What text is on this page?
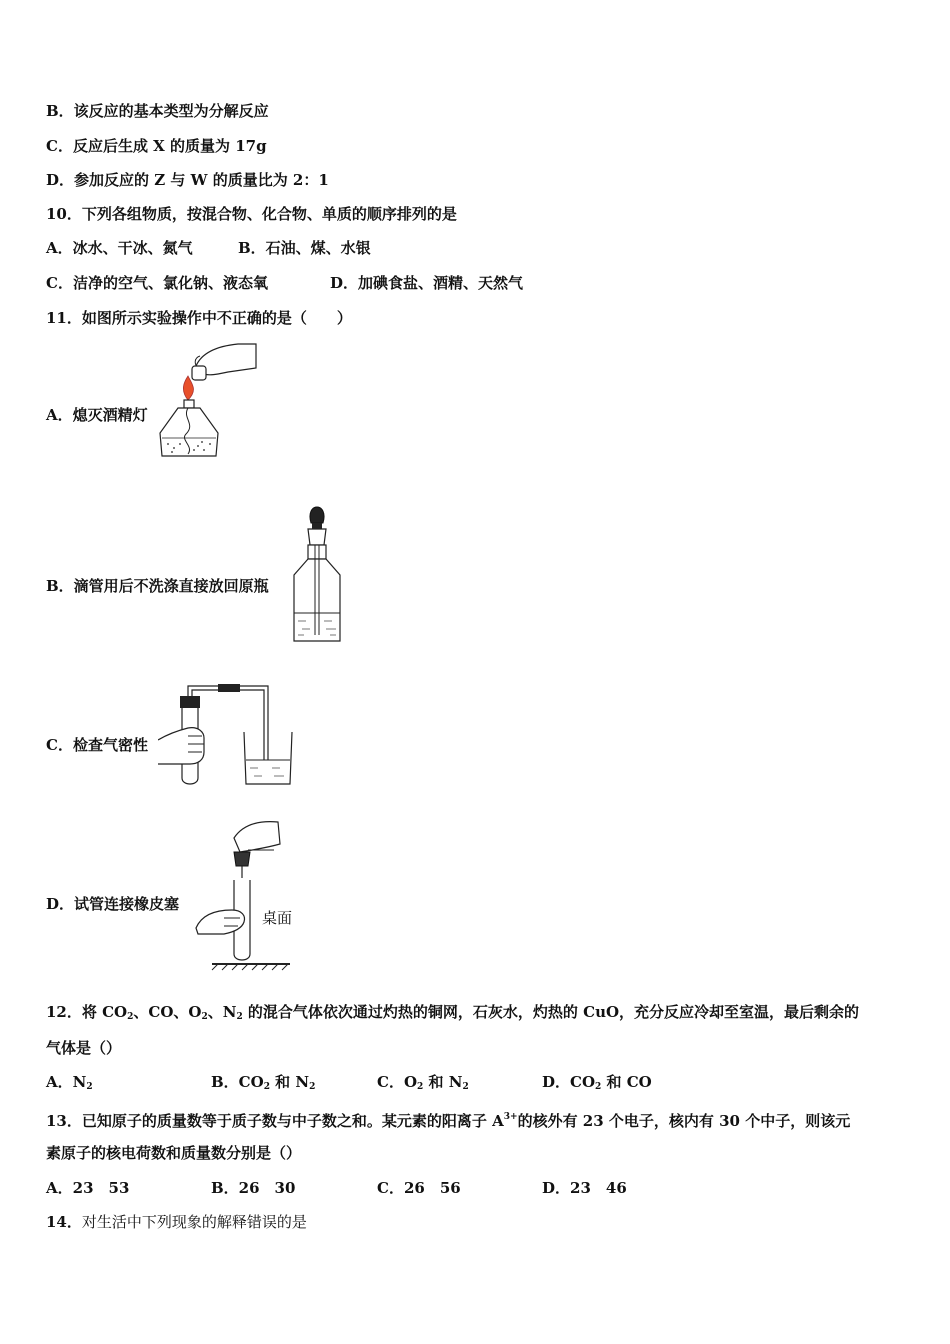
B．该反应的基本类型为分解反应
C．反应后生成 X 的质量为 17g
D．参加反应的 Z 与 W 的质量比为 2：1
10．下列各组物质，按混合物、化合物、单质的顺序排列的是
A．冰水、干冰、氮气	B．石油、煤、水银
C．洁净的空气、氯化钠、液态氧	D．加碘食盐、酒精、天然气
11．如图所示实验操作中不正确的是（　　）
A．熄灭酒精灯
B．滴管用后不洗涤直接放回原瓶
C．检查气密性
D．试管连接橡皮塞
桌面
12．将 $CO_2$、CO、$O_2$、$N_2$ 的混合气体依次通过灼热的铜网，石灰水，灼热的 CuO，充分反应冷却至室温，最后剩余的
气体是（）
A．$N_2$	B．$CO_2$ 和 $N_2$	C．$O_2$ 和 $N_2$	D．$CO_2$ 和 CO
13．已知原子的质量数等于质子数与中子数之和。某元素的阳离子 $A^{3+}$的核外有 23 个电子，核内有 30 个中子，则该元
素原子的核电荷数和质量数分别是（）
A．23　53	B．26　30	C．26　56	D．23　46
14．对生活中下列现象的解释错误的是
